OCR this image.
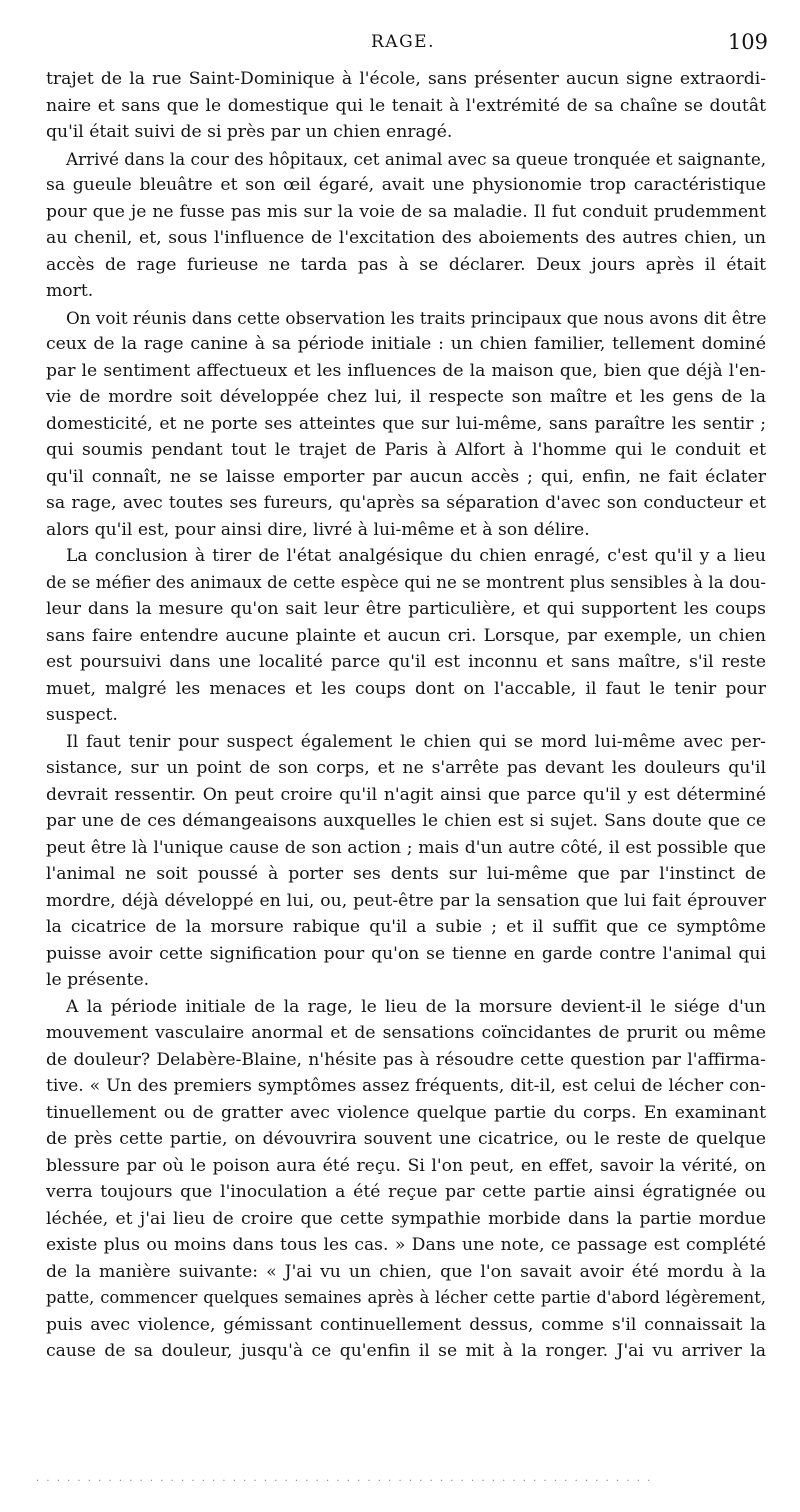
RAGE.	109
trajet de la rue Saint-Dominique à l'école, sans présenter aucun signe extraordi-
naire et sans que le domestique qui le tenait à l'extrémité de sa chaîne se doutât
qu'il était suivi de si près par un chien enragé.
Arrivé dans la cour des hôpitaux, cet animal avec sa queue tronquée et saignante,
sa gueule bleuâtre et son œil égaré, avait une physionomie trop caractéristique
pour que je ne fusse pas mis sur la voie de sa maladie. Il fut conduit prudemment
au chenil, et, sous l'influence de l'excitation des aboiements des autres chien, un
accès de rage furieuse ne tarda pas à se déclarer. Deux jours après il était
mort.
On voit réunis dans cette observation les traits principaux que nous avons dit être
ceux de la rage canine à sa période initiale : un chien familier, tellement dominé
par le sentiment affectueux et les influences de la maison que, bien que déjà l'en-
vie de mordre soit développée chez lui, il respecte son maître et les gens de la
domesticité, et ne porte ses atteintes que sur lui-même, sans paraître les sentir ;
qui soumis pendant tout le trajet de Paris à Alfort à l'homme qui le conduit et
qu'il connaît, ne se laisse emporter par aucun accès ; qui, enfin, ne fait éclater
sa rage, avec toutes ses fureurs, qu'après sa séparation d'avec son conducteur et
alors qu'il est, pour ainsi dire, livré à lui-même et à son délire.
La conclusion à tirer de l'état analgésique du chien enragé, c'est qu'il y a lieu
de se méfier des animaux de cette espèce qui ne se montrent plus sensibles à la dou-
leur dans la mesure qu'on sait leur être particulière, et qui supportent les coups
sans faire entendre aucune plainte et aucun cri. Lorsque, par exemple, un chien
est poursuivi dans une localité parce qu'il est inconnu et sans maître, s'il reste
muet, malgré les menaces et les coups dont on l'accable, il faut le tenir pour
suspect.
Il faut tenir pour suspect également le chien qui se mord lui-même avec per-
sistance, sur un point de son corps, et ne s'arrête pas devant les douleurs qu'il
devrait ressentir. On peut croire qu'il n'agit ainsi que parce qu'il y est déterminé
par une de ces démangeaisons auxquelles le chien est si sujet. Sans doute que ce
peut être là l'unique cause de son action ; mais d'un autre côté, il est possible que
l'animal ne soit poussé à porter ses dents sur lui-même que par l'instinct de
mordre, déjà développé en lui, ou, peut-être par la sensation que lui fait éprouver
la cicatrice de la morsure rabique qu'il a subie ; et il suffit que ce symptôme
puisse avoir cette signification pour qu'on se tienne en garde contre l'animal qui
le présente.
A la période initiale de la rage, le lieu de la morsure devient-il le siége d'un
mouvement vasculaire anormal et de sensations coïncidantes de prurit ou même
de douleur? Delabère-Blaine, n'hésite pas à résoudre cette question par l'affirma-
tive. « Un des premiers symptômes assez fréquents, dit-il, est celui de lécher con-
tinuellement ou de gratter avec violence quelque partie du corps. En examinant
de près cette partie, on dévouvrira souvent une cicatrice, ou le reste de quelque
blessure par où le poison aura été reçu. Si l'on peut, en effet, savoir la vérité, on
verra toujours que l'inoculation a été reçue par cette partie ainsi égratignée ou
léchée, et j'ai lieu de croire que cette sympathie morbide dans la partie mordue
existe plus ou moins dans tous les cas. » Dans une note, ce passage est complété
de la manière suivante: « J'ai vu un chien, que l'on savait avoir été mordu à la
patte, commencer quelques semaines après à lécher cette partie d'abord légèrement,
puis avec violence, gémissant continuellement dessus, comme s'il connaissait la
cause de sa douleur, jusqu'à ce qu'enfin il se mit à la ronger. J'ai vu arriver la
· · · · · · · · · · · · · · · · · · · · · · · · · · · · · · · · · · · · · · · · · · · · · · · · · · · · · · · · · · · ·
